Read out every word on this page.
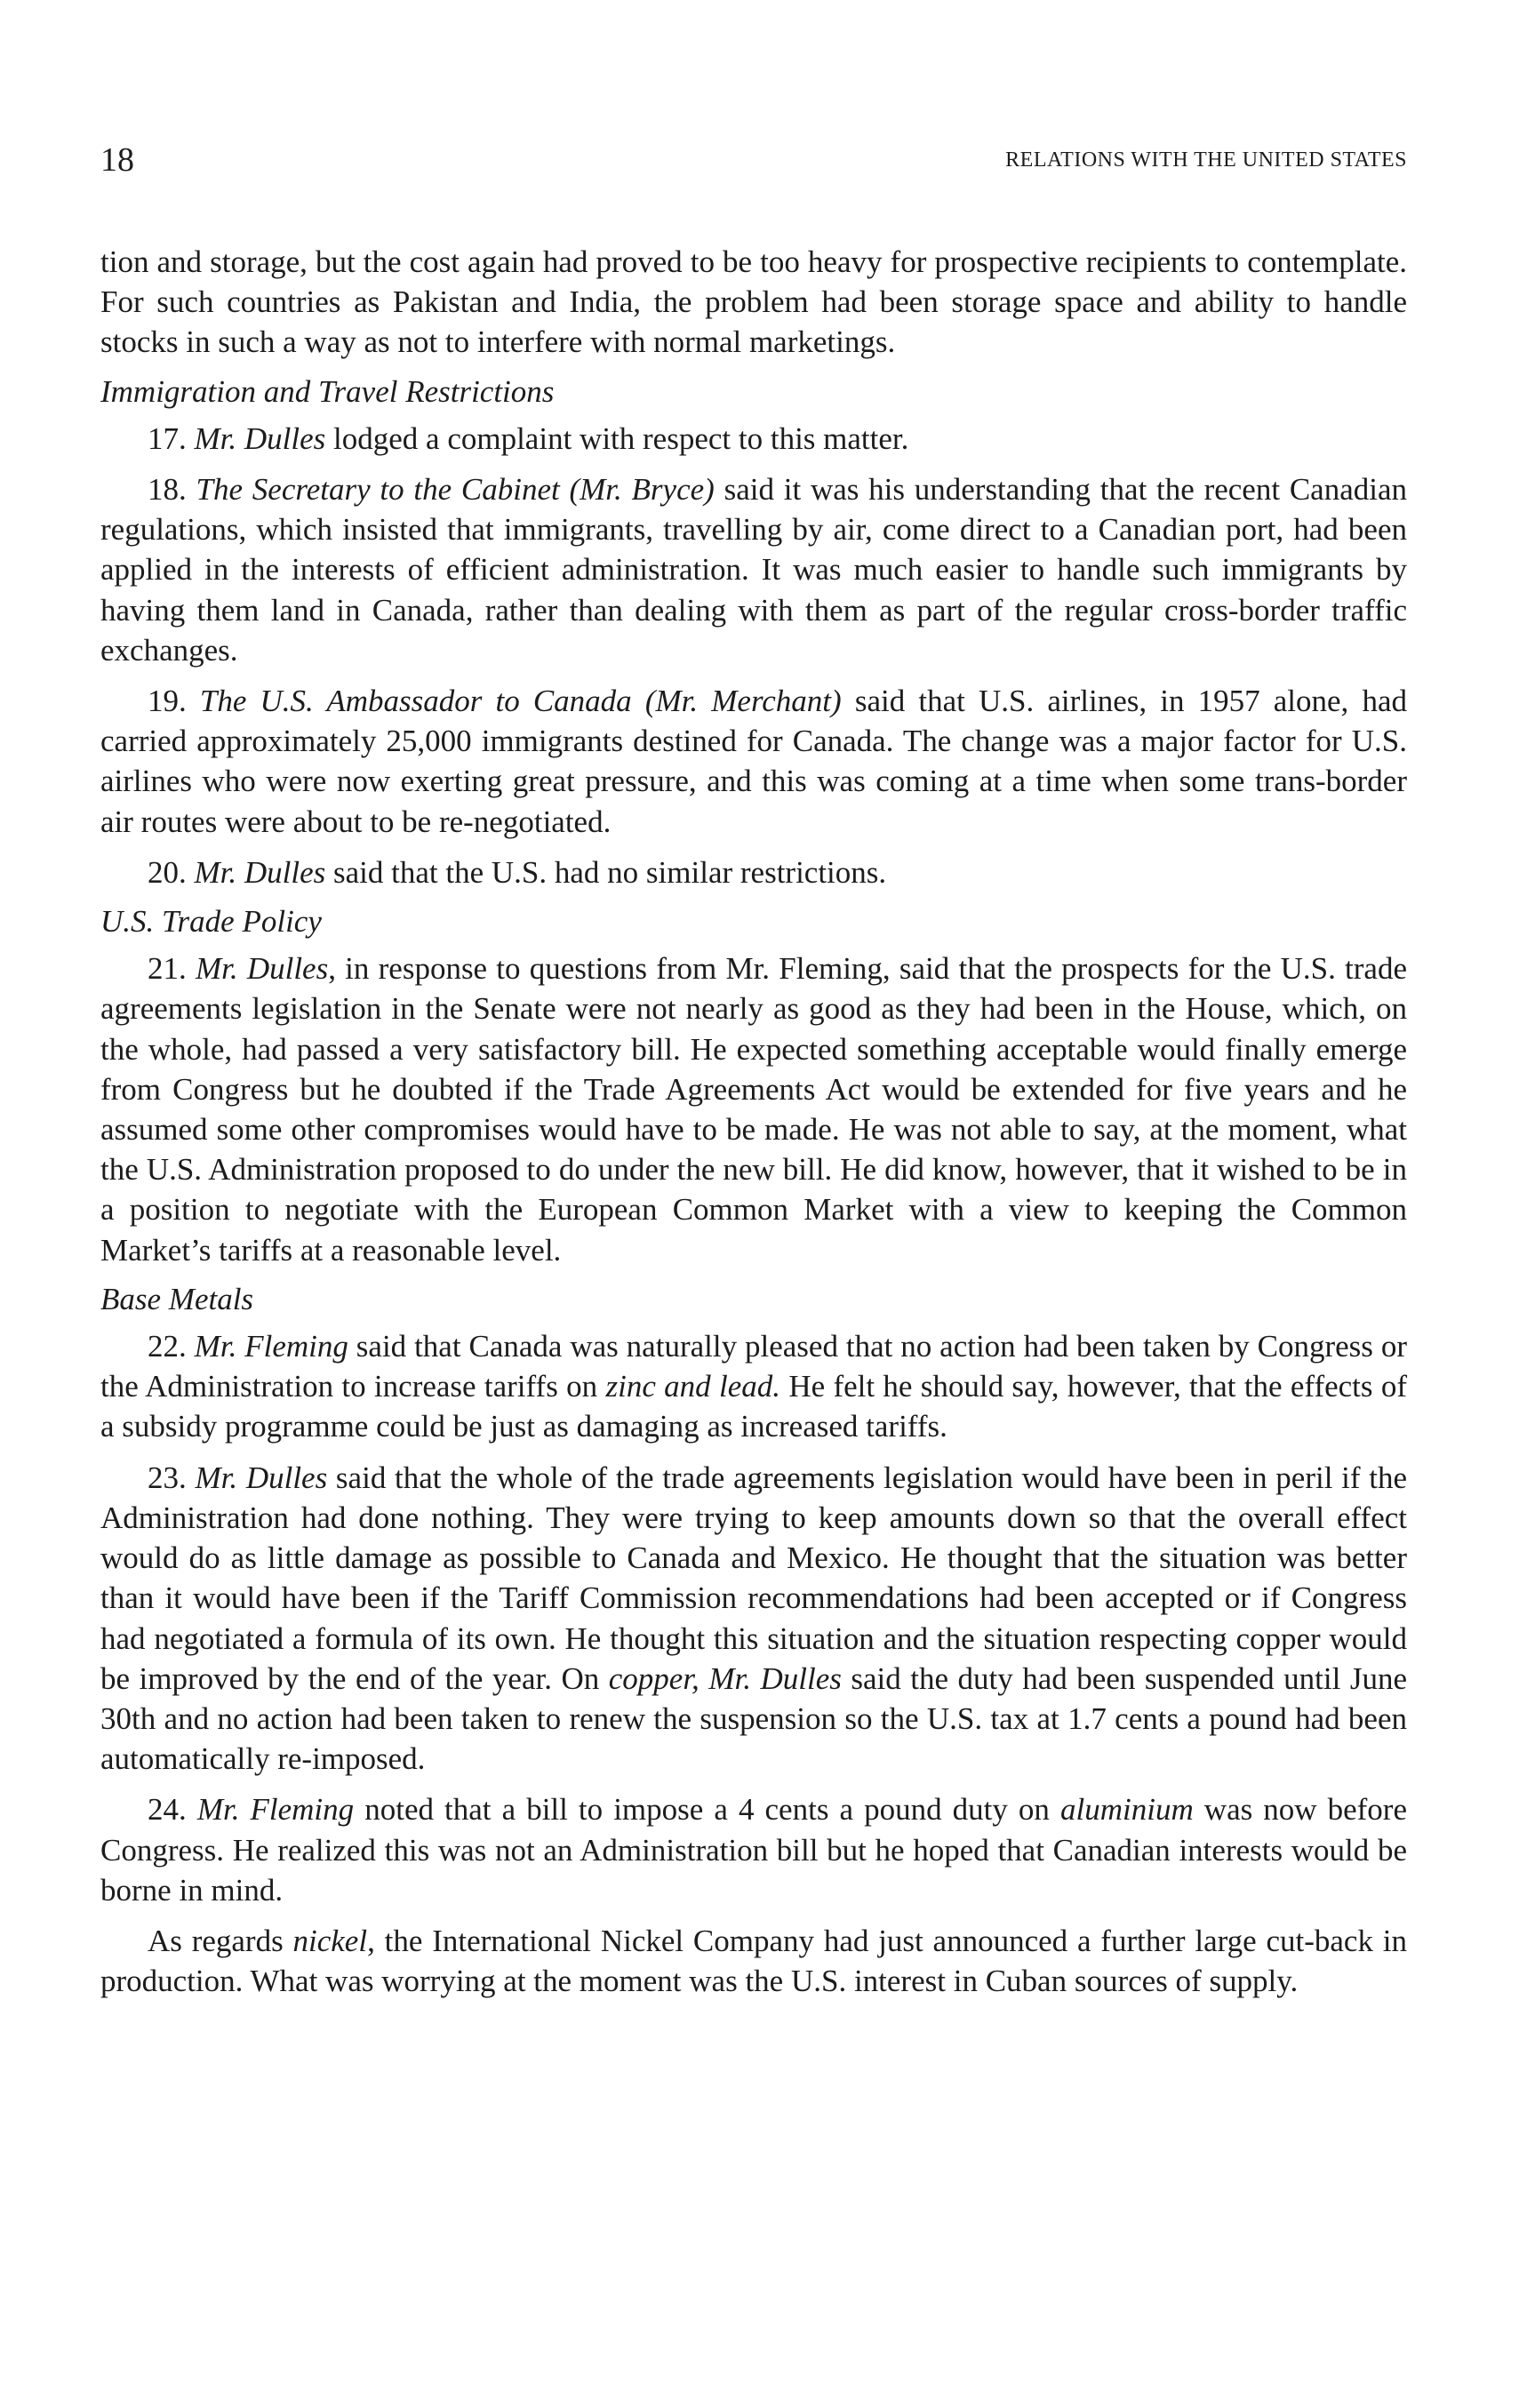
18	RELATIONS WITH THE UNITED STATES

tion and storage, but the cost again had proved to be too heavy for prospective recipients to contemplate. For such countries as Pakistan and India, the problem had been storage space and ability to handle stocks in such a way as not to interfere with normal marketings.

Immigration and Travel Restrictions

17. Mr. Dulles lodged a complaint with respect to this matter.

18. The Secretary to the Cabinet (Mr. Bryce) said it was his understanding that the recent Canadian regulations, which insisted that immigrants, travelling by air, come direct to a Canadian port, had been applied in the interests of efficient administration. It was much easier to handle such immigrants by having them land in Canada, rather than dealing with them as part of the regular cross-border traffic exchanges.

19. The U.S. Ambassador to Canada (Mr. Merchant) said that U.S. airlines, in 1957 alone, had carried approximately 25,000 immigrants destined for Canada. The change was a major factor for U.S. airlines who were now exerting great pressure, and this was coming at a time when some trans-border air routes were about to be re-negotiated.

20. Mr. Dulles said that the U.S. had no similar restrictions.

U.S. Trade Policy

21. Mr. Dulles, in response to questions from Mr. Fleming, said that the prospects for the U.S. trade agreements legislation in the Senate were not nearly as good as they had been in the House, which, on the whole, had passed a very satisfactory bill. He expected something acceptable would finally emerge from Congress but he doubted if the Trade Agreements Act would be extended for five years and he assumed some other compromises would have to be made. He was not able to say, at the moment, what the U.S. Administration proposed to do under the new bill. He did know, however, that it wished to be in a position to negotiate with the European Common Market with a view to keeping the Common Market’s tariffs at a reasonable level.

Base Metals

22. Mr. Fleming said that Canada was naturally pleased that no action had been taken by Congress or the Administration to increase tariffs on zinc and lead. He felt he should say, however, that the effects of a subsidy programme could be just as damaging as increased tariffs.

23. Mr. Dulles said that the whole of the trade agreements legislation would have been in peril if the Administration had done nothing. They were trying to keep amounts down so that the overall effect would do as little damage as possible to Canada and Mexico. He thought that the situation was better than it would have been if the Tariff Commission recommendations had been accepted or if Congress had negotiated a formula of its own. He thought this situation and the situation respecting copper would be improved by the end of the year. On copper, Mr. Dulles said the duty had been suspended until June 30th and no action had been taken to renew the suspension so the U.S. tax at 1.7 cents a pound had been automatically re-imposed.

24. Mr. Fleming noted that a bill to impose a 4 cents a pound duty on aluminium was now before Congress. He realized this was not an Administration bill but he hoped that Canadian interests would be borne in mind.

As regards nickel, the International Nickel Company had just announced a further large cut-back in production. What was worrying at the moment was the U.S. interest in Cuban sources of supply.
